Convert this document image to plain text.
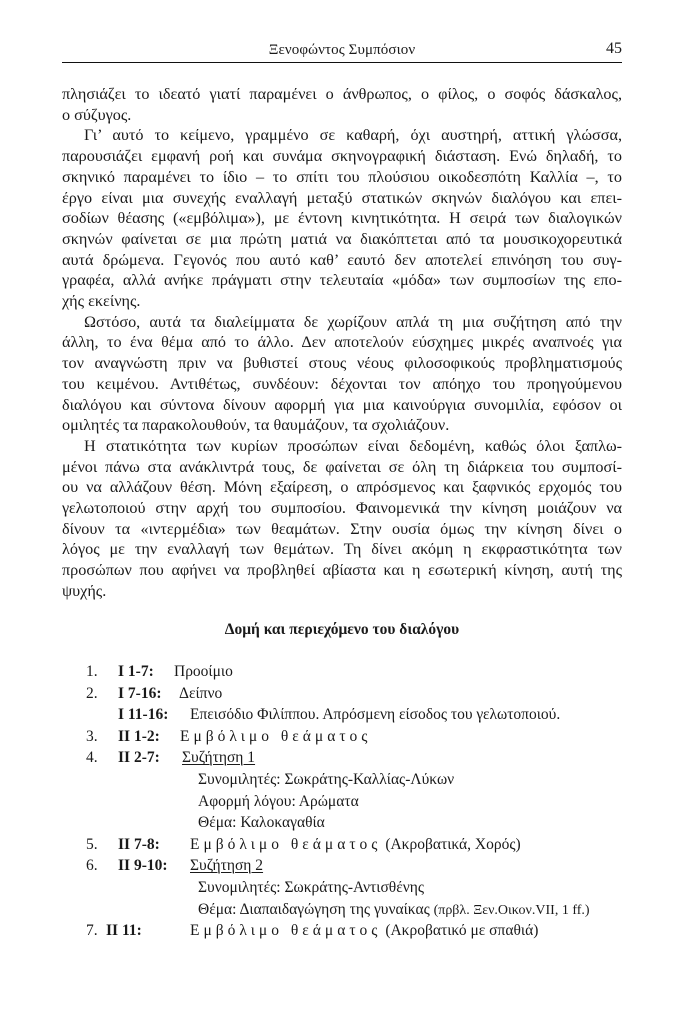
Ξενοφώντος Συμπόσιον	45

πλησιάζει το ιδεατό γιατί παραμένει ο άνθρωπος, ο φίλος, ο σοφός δάσκαλος,
ο σύζυγος.

Γι’ αυτό το κείμενο, γραμμένο σε καθαρή, όχι αυστηρή, αττική γλώσσα,
παρουσιάζει εμφανή ροή και συνάμα σκηνογραφική διάσταση. Ενώ δηλαδή, το
σκηνικό παραμένει το ίδιο – το σπίτι του πλούσιου οικοδεσπότη Καλλία –, το
έργο είναι μια συνεχής εναλλαγή μεταξύ στατικών σκηνών διαλόγου και επει-
σοδίων θέασης («εμβόλιμα»), με έντονη κινητικότητα. Η σειρά των διαλογικών
σκηνών φαίνεται σε μια πρώτη ματιά να διακόπτεται από τα μουσικοχορευτικά
αυτά δρώμενα. Γεγονός που αυτό καθ’ εαυτό δεν αποτελεί επινόηση του συγ-
γραφέα, αλλά ανήκε πράγματι στην τελευταία «μόδα» των συμποσίων της επο-
χής εκείνης.

Ωστόσο, αυτά τα διαλείμματα δε χωρίζουν απλά τη μια συζήτηση από την
άλλη, το ένα θέμα από το άλλο. Δεν αποτελούν εύσχημες μικρές αναπνοές για
τον αναγνώστη πριν να βυθιστεί στους νέους φιλοσοφικούς προβληματισμούς
του κειμένου. Αντιθέτως, συνδέουν: δέχονται τον απόηχο του προηγούμενου
διαλόγου και σύντονα δίνουν αφορμή για μια καινούργια συνομιλία, εφόσον οι
ομιλητές τα παρακολουθούν, τα θαυμάζουν, τα σχολιάζουν.

Η στατικότητα των κυρίων προσώπων είναι δεδομένη, καθώς όλοι ξαπλω-
μένοι πάνω στα ανάκλιντρά τους, δε φαίνεται σε όλη τη διάρκεια του συμποσί-
ου να αλλάζουν θέση. Μόνη εξαίρεση, ο απρόσμενος και ξαφνικός ερχομός του
γελωτοποιού στην αρχή του συμποσίου. Φαινομενικά την κίνηση μοιάζουν να
δίνουν τα «ιντερμέδια» των θεαμάτων. Στην ουσία όμως την κίνηση δίνει ο
λόγος με την εναλλαγή των θεμάτων. Τη δίνει ακόμη η εκφραστικότητα των
προσώπων που αφήνει να προβληθεί αβίαστα και η εσωτερική κίνηση, αυτή της
ψυχής.

Δομή και περιεχόμενο του διαλόγου
1. I 1-7: Προοίμιο
2. I 7-16: Δείπνο
I 11-16: Επεισόδιο Φιλίππου. Απρόσμενη είσοδος του γελωτοποιού.
3. II 1-2: Εμβόλιμο θεάματος
4. II 2-7: Συζήτηση 1
Συνομιλητές: Σωκράτης-Καλλίας-Λύκων
Αφορμή λόγου: Αρώματα
Θέμα: Καλοκαγαθία
5. II 7-8: Εμβόλιμο θεάματος (Ακροβατικά, Χορός)
6. II 9-10: Συζήτηση 2
Συνομιλητές: Σωκράτης-Αντισθένης
Θέμα: Διαπαιδαγώγηση της γυναίκας (πρβλ. Ξεν.Οικον.VII, 1 ff.)
7. II 11:	Εμβόλιμο θεάματος (Ακροβατικό με σπαθιά)
